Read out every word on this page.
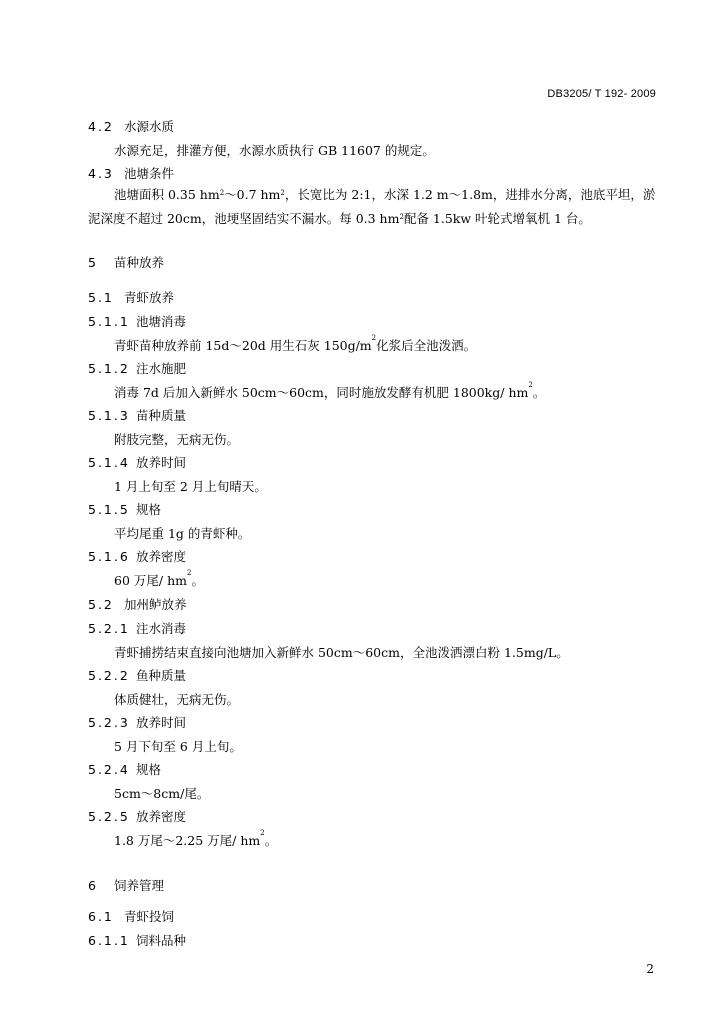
DB3205/ T 192- 2009
4.2 水源水质
水源充足，排灌方便，水源水质执行 GB 11607 的规定。
4.3 池塘条件
池塘面积 0.35 $hm^2\sim 0.7$ $hm^2$，长宽比为 2:1，水深 1.2 m～1.8m，进排水分离，池底平坦，淤泥深度不超过 20cm，池埂坚固结实不漏水。每 0.3 $hm^2$配备 1.5kw 叶轮式增氧机 1 台。
5 苗种放养
5.1 青虾放养
5.1.1 池塘消毒
青虾苗种放养前 15d～20d 用生石灰 $150g/m^2$化浆后全池泼洒。
5.1.2 注水施肥
消毒 7d 后加入新鲜水 50cm～60cm，同时施放发酵有机肥 1800kg/ $hm^2$。
5.1.3 苗种质量
附肢完整，无病无伤。
5.1.4 放养时间
1 月上旬至 2 月上旬晴天。
5.1.5 规格
平均尾重 1g 的青虾种。
5.1.6 放养密度
60 万尾/ $hm^2$。
5.2 加州鲈放养
5.2.1 注水消毒
青虾捕捞结束直接向池塘加入新鲜水 50cm～60cm，全池泼洒漂白粉 1.5mg/L。
5.2.2 鱼种质量
体质健壮，无病无伤。
5.2.3 放养时间
5 月下旬至 6 月上旬。
5.2.4 规格
5cm～8cm/尾。
5.2.5 放养密度
1.8 万尾～2.25 万尾/ $hm^2$。
6 饲养管理
6.1 青虾投饲
6.1.1 饲料品种
2
